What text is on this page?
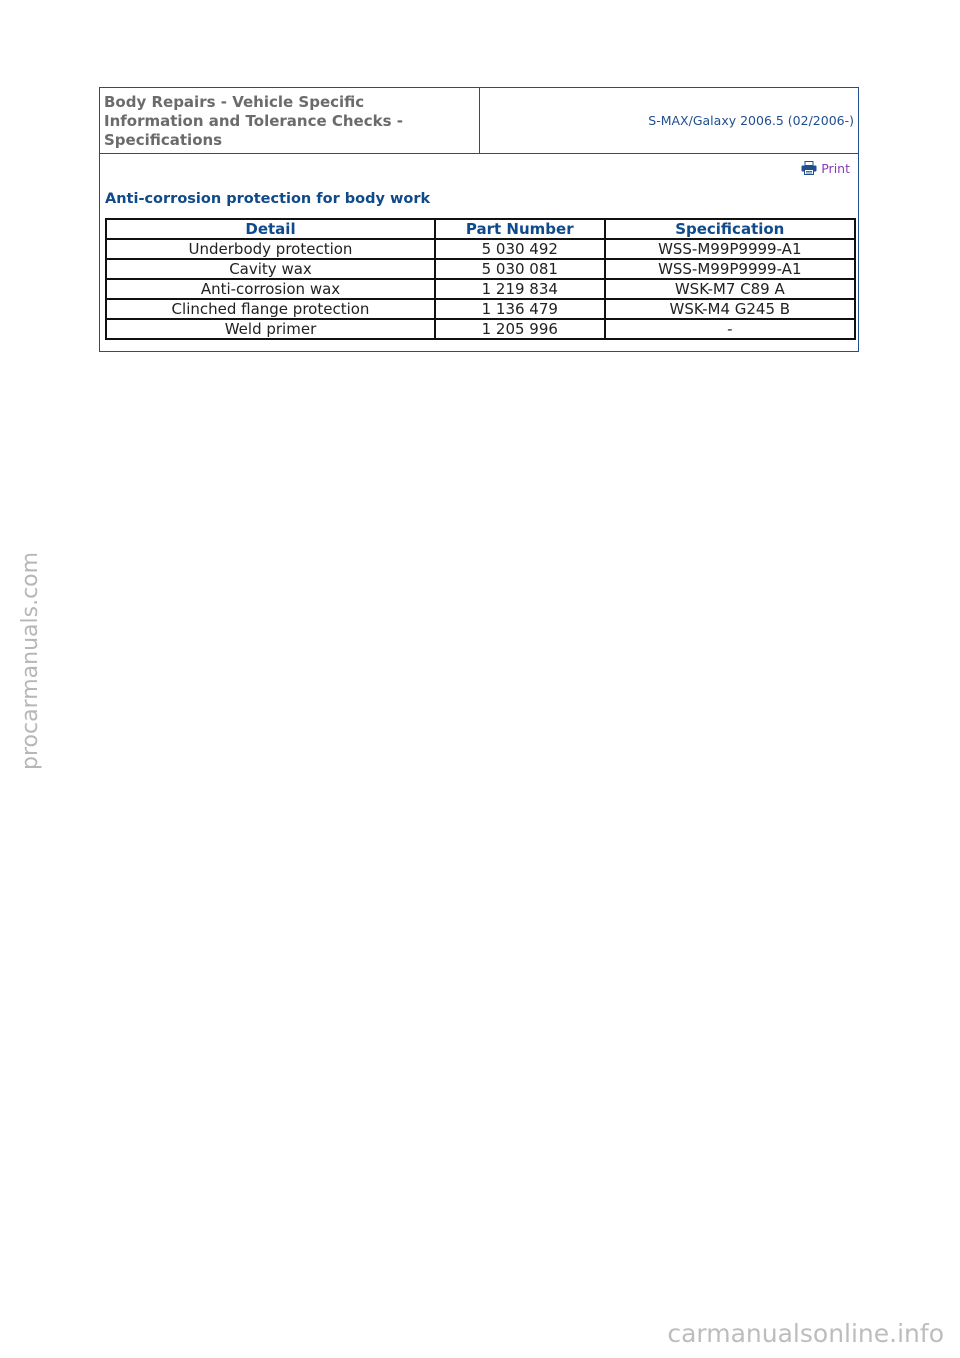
Body Repairs - Vehicle Specific
Information and Tolerance Checks -
Specifications
S-MAX/Galaxy 2006.5 (02/2006-)
Print
Anti-corrosion protection for body work
Detail	Part Number	Specification
Underbody protection	5 030 492	WSS-M99P9999-A1
Cavity wax	5 030 081	WSS-M99P9999-A1
Anti-corrosion wax	1 219 834	WSK-M7 C89 A
Clinched flange protection	1 136 479	WSK-M4 G245 B
Weld primer	1 205 996	-
procarmanuals.com
carmanualsonline.info
